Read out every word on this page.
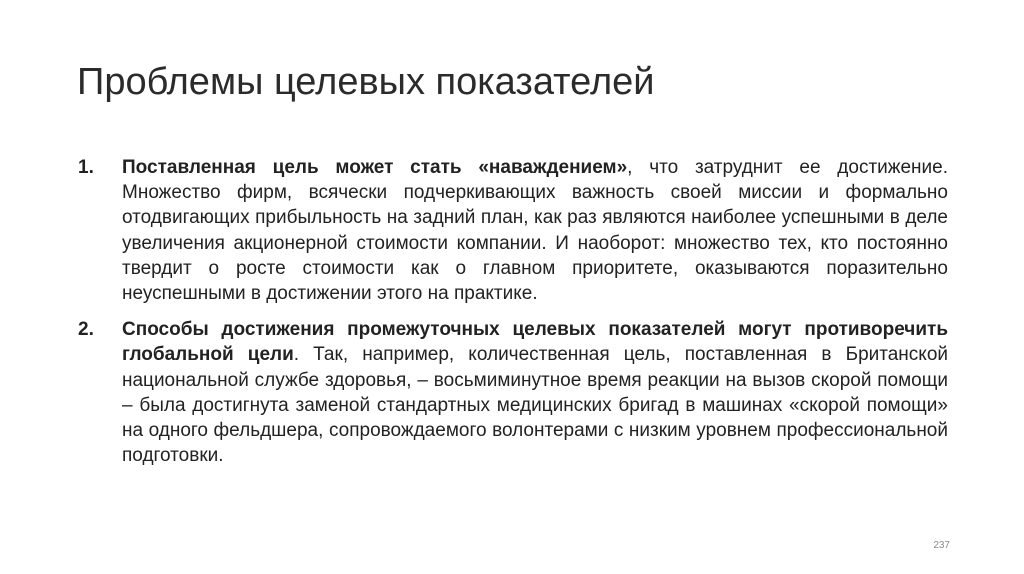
Проблемы целевых показателей
1. Поставленная цель может стать «наваждением», что затруднит ее достижение. Множество фирм, всячески подчеркивающих важность своей миссии и формально отодвигающих прибыльность на задний план, как раз являются наиболее успешными в деле увеличения акционерной стоимости компании. И наоборот: множество тех, кто постоянно твердит о росте стоимости как о главном приоритете, оказываются поразительно неуспешными в достижении этого на практике.
2. Способы достижения промежуточных целевых показателей могут противоречить глобальной цели. Так, например, количественная цель, поставленная в Британской национальной службе здоровья, – восьмиминутное время реакции на вызов скорой помощи – была достигнута заменой стандартных медицинских бригад в машинах «скорой помощи» на одного фельдшера, сопровождаемого волонтерами с низким уровнем профессиональной подготовки.
237
